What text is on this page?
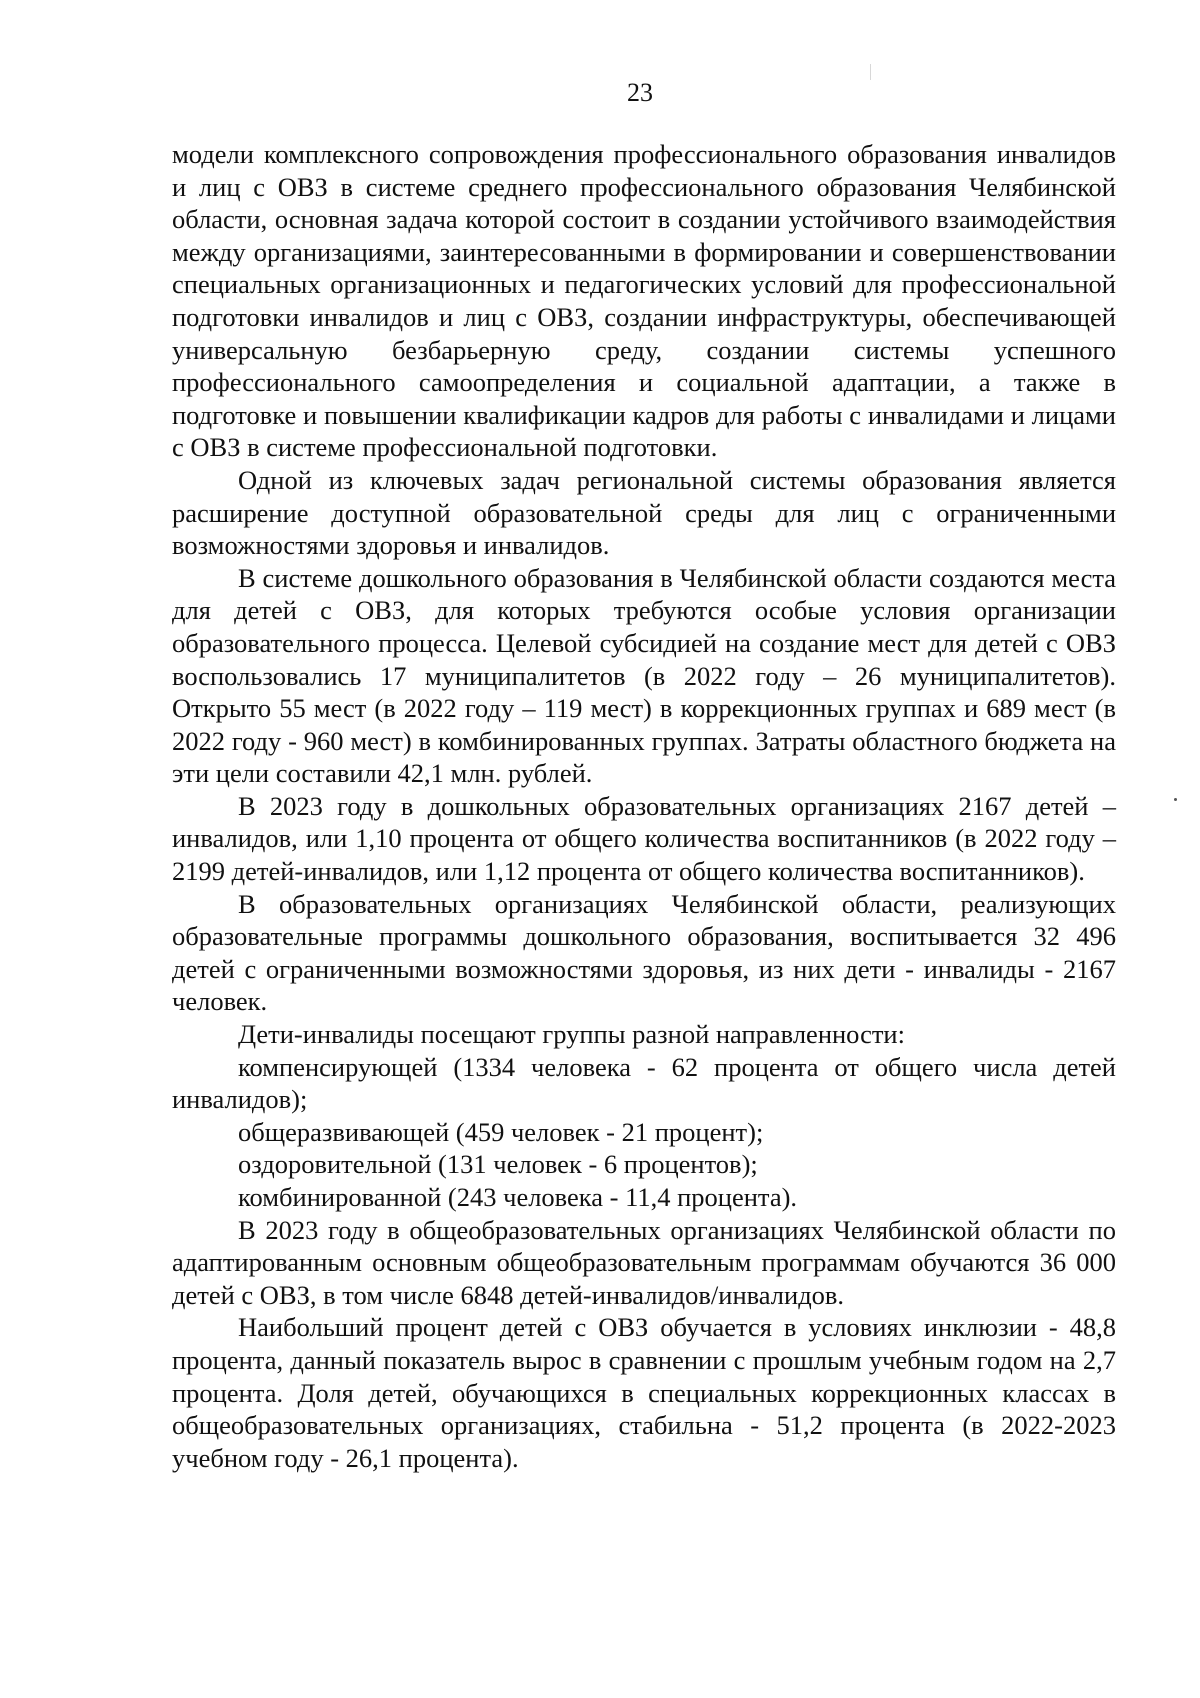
23

модели комплексного сопровождения профессионального образования инвалидов и лиц с ОВЗ в системе среднего профессионального образования Челябинской области, основная задача которой состоит в создании устойчивого взаимодействия между организациями, заинтересованными в формировании и совершенствовании специальных организационных и педагогических условий для профессиональной подготовки инвалидов и лиц с ОВЗ, создании инфраструктуры, обеспечивающей универсальную безбарьерную среду, создании системы успешного профессионального самоопределения и социальной адаптации, а также в подготовке и повышении квалификации кадров для работы с инвалидами и лицами с ОВЗ в системе профессиональной подготовки.

Одной из ключевых задач региональной системы образования является расширение доступной образовательной среды для лиц с ограниченными возможностями здоровья и инвалидов.

В системе дошкольного образования в Челябинской области создаются места для детей с ОВЗ, для которых требуются особые условия организации образовательного процесса. Целевой субсидией на создание мест для детей с ОВЗ воспользовались 17 муниципалитетов (в 2022 году – 26 муниципалитетов). Открыто 55 мест (в 2022 году – 119 мест) в коррекционных группах и 689 мест (в 2022 году - 960 мест) в комбинированных группах. Затраты областного бюджета на эти цели составили 42,1 млн. рублей.

В 2023 году в дошкольных образовательных организациях 2167 детей – инвалидов, или 1,10 процента от общего количества воспитанников (в 2022 году – 2199 детей-инвалидов, или 1,12 процента от общего количества воспитанников).

В образовательных организациях Челябинской области, реализующих образовательные программы дошкольного образования, воспитывается 32 496 детей с ограниченными возможностями здоровья, из них дети - инвалиды - 2167 человек.

Дети-инвалиды посещают группы разной направленности:

компенсирующей (1334 человека - 62 процента от общего числа детей инвалидов);

общеразвивающей (459 человек - 21 процент);

оздоровительной (131 человек - 6 процентов);

комбинированной (243 человека - 11,4 процента).

В 2023 году в общеобразовательных организациях Челябинской области по адаптированным основным общеобразовательным программам обучаются 36 000 детей с ОВЗ, в том числе 6848 детей-инвалидов/инвалидов.

Наибольший процент детей с ОВЗ обучается в условиях инклюзии - 48,8 процента, данный показатель вырос в сравнении с прошлым учебным годом на 2,7 процента. Доля детей, обучающихся в специальных коррекционных классах в общеобразовательных организациях, стабильна - 51,2 процента (в 2022-2023 учебном году - 26,1 процента).
